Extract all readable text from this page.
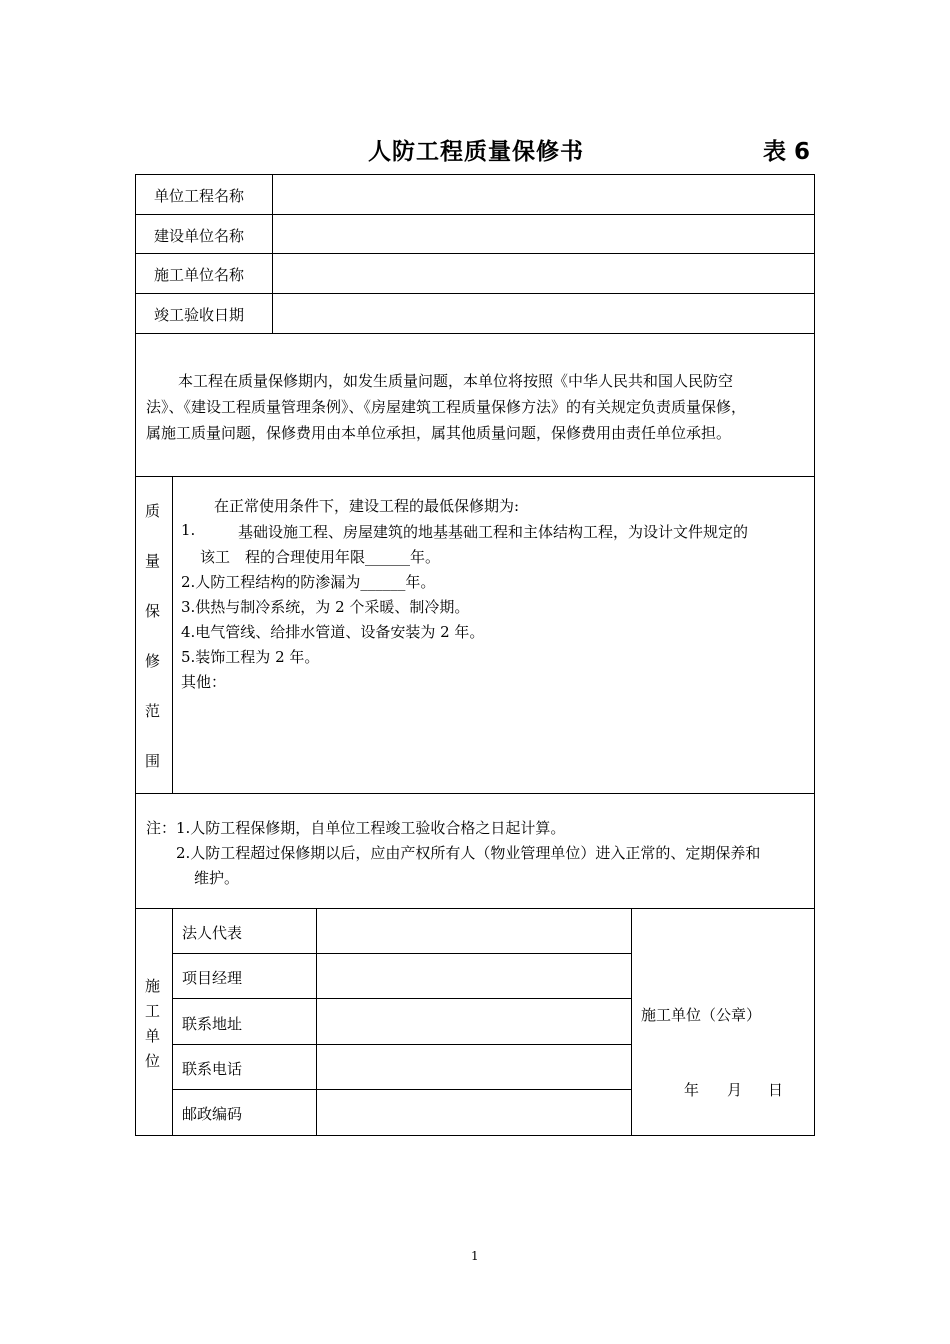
人防工程质量保修书	表 6
单位工程名称
建设单位名称
施工单位名称
竣工验收日期

本工程在质量保修期内，如发生质量问题，本单位将按照《中华人民共和国人民防空

法》、《建设工程质量管理条例》、《房屋建筑工程质量保修方法》的有关规定负责质量保修，

属施工质量问题，保修费用由本单位承担，属其他质量问题，保修费用由责任单位承担。

质
量
保
修
范
围
在正常使用条件下，建设工程的最低保修期为:
1.	基础设施工程、房屋建筑的地基基础工程和主体结构工程，为设计文件规定的
该工　程的合理使用年限______年。
2.人防工程结构的防渗漏为______年。
3.供热与制冷系统，为 2 个采暖、制冷期。
4.电气管线、给排水管道、设备安装为 2 年。
5.装饰工程为 2 年。
其他：
注：1.人防工程保修期，自单位工程竣工验收合格之日起计算。
2.人防工程超过保修期以后，应由产权所有人（物业管理单位）进入正常的、定期保养和
维护。
施
工
单
位
法人代表
项目经理
联系地址
联系电话
邮政编码
施工单位（公章）
年 月 日
1
